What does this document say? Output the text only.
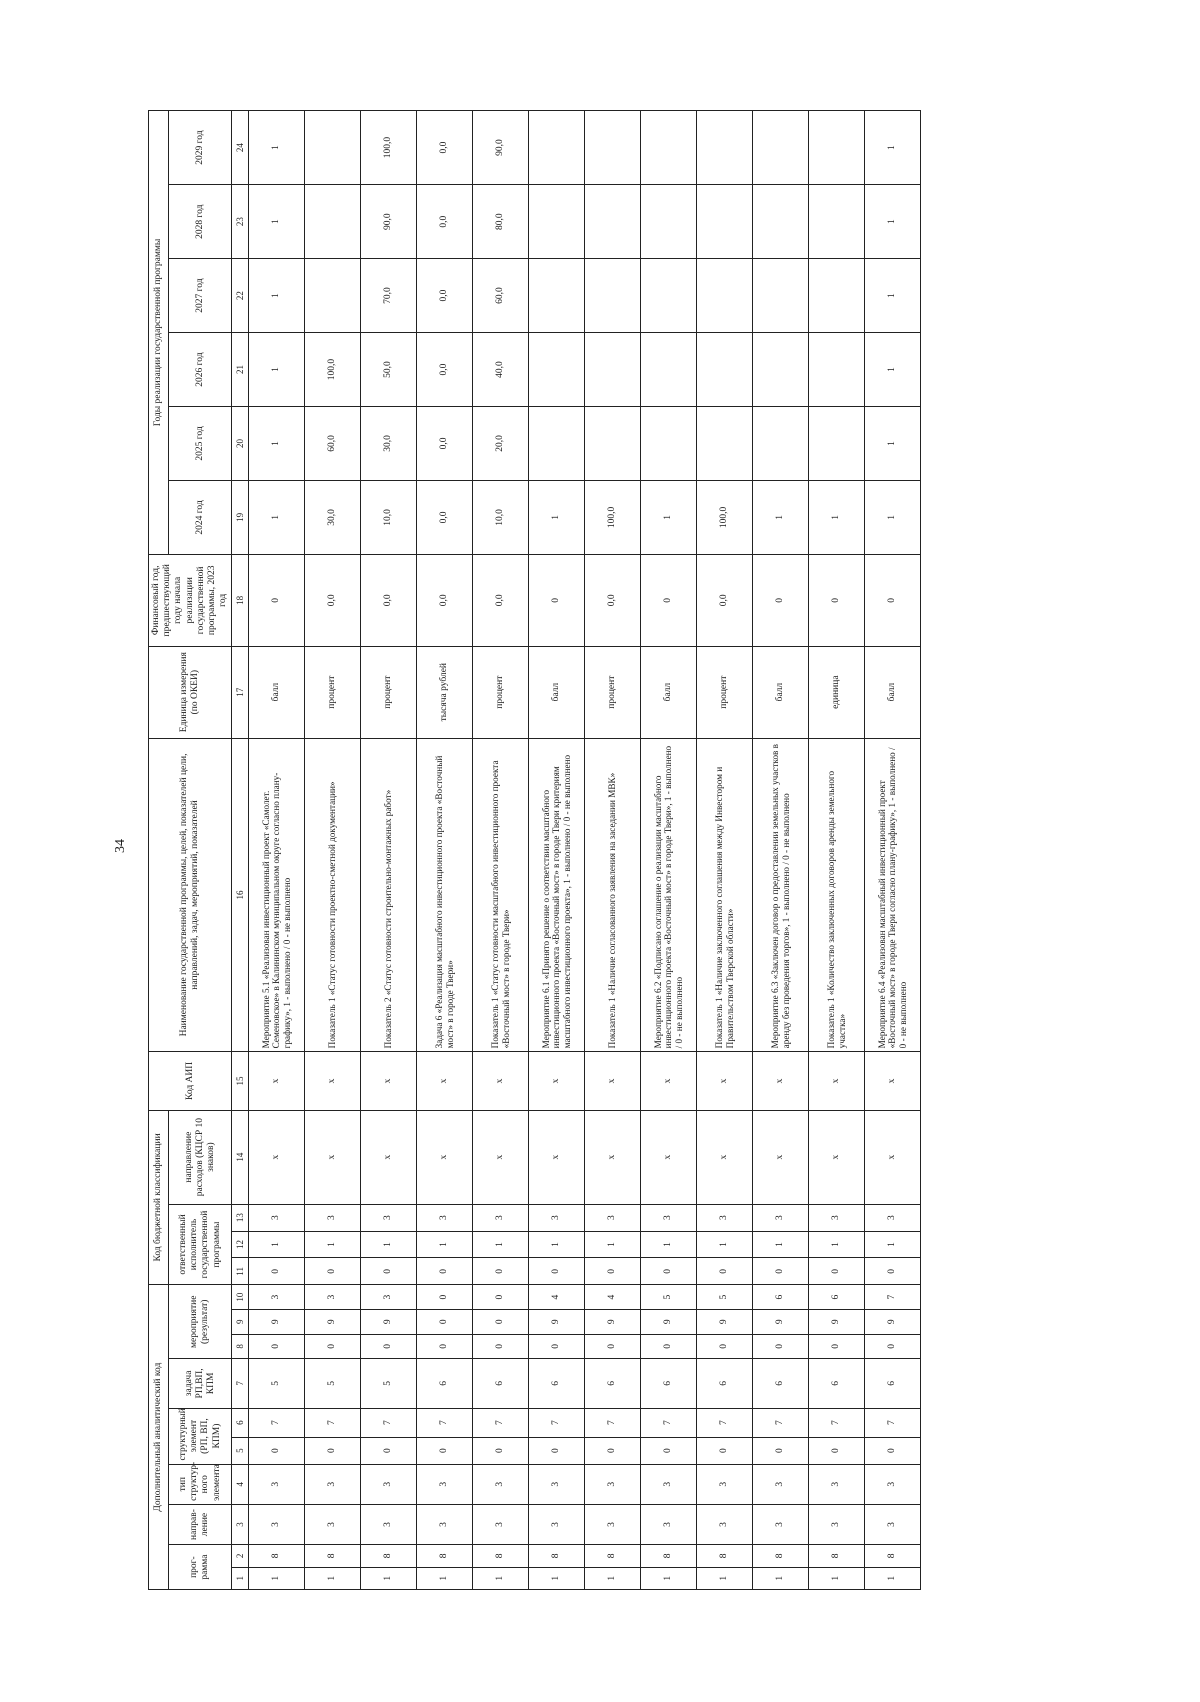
34
Дополнительный аналитический код										Код бюджетной классификации				Код АИП	Наименование государственной программы, целей, показателей цели, направлений, задач, мероприятий, показателей	Единица измерения (по ОКЕИ)	Финансовый год, предшествующий году начала реализации государственной программы, 2023 год	Годы реализации государственной программы					
прог-рамма		направ-ление	тип структур-ного элемента	структурный элемент (РП, ВП, КПМ)		задача РП,ВП, КПМ	мероприятие (результат)			ответственный исполнитель государственной программы			направление расходов (КЦСР 10 знаков)					2024 год	2025 год	2026 год	2027 год	2028 год	2029 год
1	2	3	4	5	6	7	8	9	10	11	12	13	14	15	16	17	18	19	20	21	22	23	24
1	8	3	3	0	7	5	0	9	3	0	1	3	х	х	Мероприятие 5.1 «Реализован инвестиционный проект «Самолет. Семеновское» в Калининском муниципальном округе согласно плану-графику», 1 - выполнено / 0 - не выполнено	балл	0	1	1	1	1	1	1
1	8	3	3	0	7	5	0	9	3	0	1	3	х	х	Показатель 1 «Статус готовности проектно-сметной документации»	процент	0,0	30,0	60,0	100,0			
1	8	3	3	0	7	5	0	9	3	0	1	3	х	х	Показатель 2 «Статус готовности строительно-монтажных работ»	процент	0,0	10,0	30,0	50,0	70,0	90,0	100,0
1	8	3	3	0	7	6	0	0	0	0	1	3	х	х	Задача 6 «Реализация масштабного инвестиционного проекта «Восточный мост» в городе Твери»	тысяча рублей	0,0	0,0	0,0	0,0	0,0	0,0	0,0
1	8	3	3	0	7	6	0	0	0	0	1	3	х	х	Показатель 1 «Статус готовности масштабного инвестиционного проекта «Восточный мост» в городе Твери»	процент	0,0	10,0	20,0	40,0	60,0	80,0	90,0
1	8	3	3	0	7	6	0	9	4	0	1	3	х	х	Мероприятие 6.1 «Принято решение о соответствии масштабного инвестиционного проекта «Восточный мост» в городе Твери критериям масштабного инвестиционного проекта», 1 - выполнено / 0 - не выполнено	балл	0	1					
1	8	3	3	0	7	6	0	9	4	0	1	3	х	х	Показатель 1 «Наличие согласованного заявления на заседании МВК»	процент	0,0	100,0					
1	8	3	3	0	7	6	0	9	5	0	1	3	х	х	Мероприятие 6.2 «Подписано соглашение о реализации масштабного инвестиционного проекта «Восточный мост» в городе Твери», 1 - выполнено / 0 - не выполнено	балл	0	1					
1	8	3	3	0	7	6	0	9	5	0	1	3	х	х	Показатель 1 «Наличие заключенного соглашения между Инвестором и Правительством Тверской области»	процент	0,0	100,0					
1	8	3	3	0	7	6	0	9	6	0	1	3	х	х	Мероприятие 6.3 «Заключен договор о предоставлении земельных участков в аренду без проведения торгов», 1 - выполнено / 0 - не выполнено	балл	0	1					
1	8	3	3	0	7	6	0	9	6	0	1	3	х	х	Показатель 1 «Количество заключенных договоров аренды земельного участка»	единица	0	1					
1	8	3	3	0	7	6	0	9	7	0	1	3	х	х	Мероприятие 6.4 «Реализован масштабный инвестиционный проект «Восточный мост» в городе Твери согласно плану-графику», 1 - выполнено / 0 - не выполнено	балл	0	1	1	1	1	1	1
